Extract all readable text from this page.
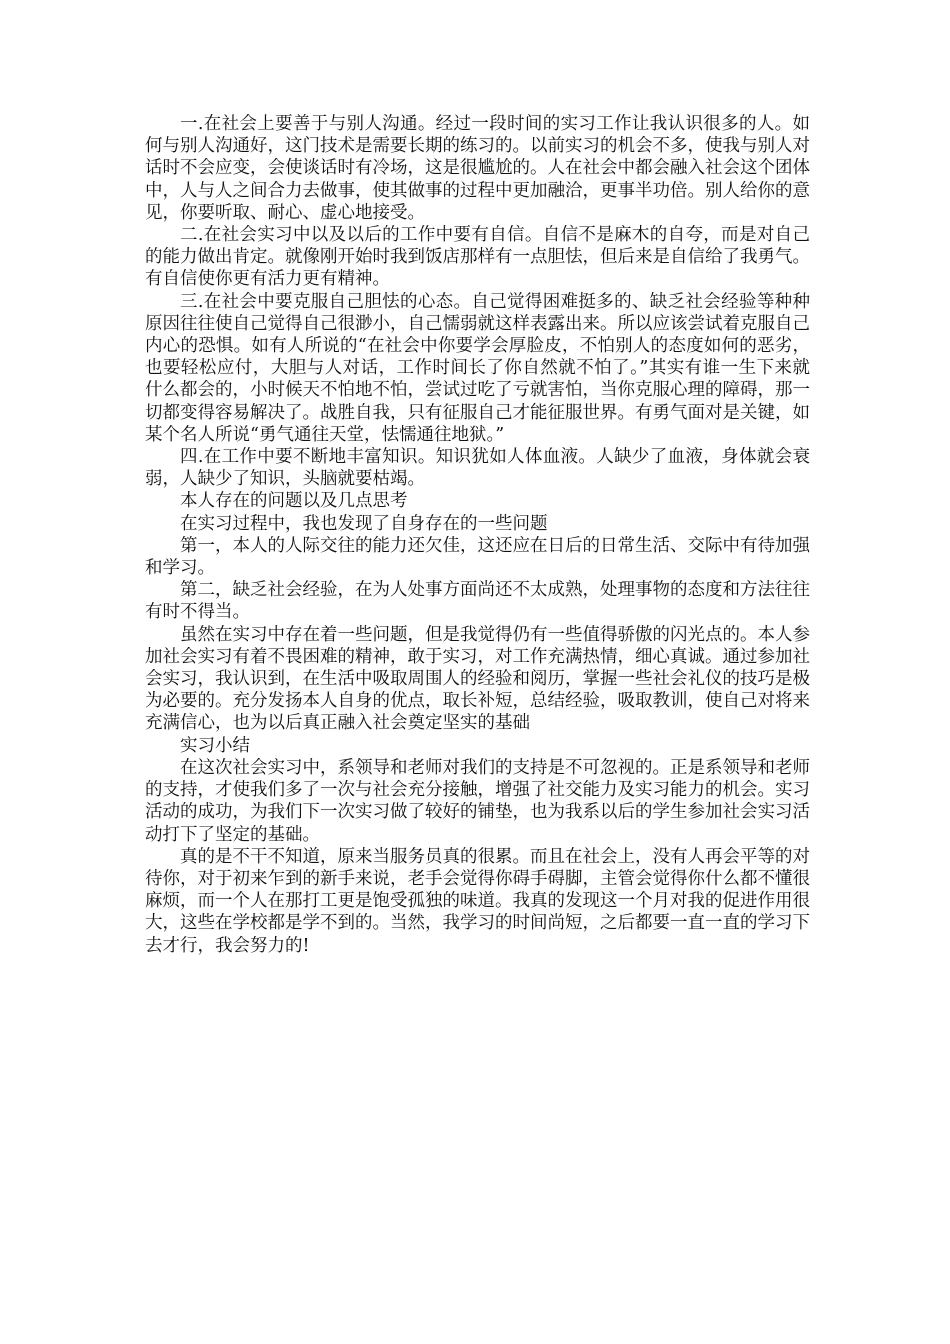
一.在社会上要善于与别人沟通。经过一段时间的实习工作让我认识很多的人。如何与别人沟通好，这门技术是需要长期的练习的。以前实习的机会不多，使我与别人对话时不会应变，会使谈话时有冷场，这是很尴尬的。人在社会中都会融入社会这个团体中，人与人之间合力去做事，使其做事的过程中更加融洽，更事半功倍。别人给你的意见，你要听取、耐心、虚心地接受。

二.在社会实习中以及以后的工作中要有自信。自信不是麻木的自夸，而是对自己的能力做出肯定。就像刚开始时我到饭店那样有一点胆怯，但后来是自信给了我勇气。有自信使你更有活力更有精神。

三.在社会中要克服自己胆怯的心态。自己觉得困难挺多的、缺乏社会经验等种种原因往往使自己觉得自己很渺小，自己懦弱就这样表露出来。所以应该尝试着克服自己内心的恐惧。如有人所说的“在社会中你要学会厚脸皮，不怕别人的态度如何的恶劣，也要轻松应付，大胆与人对话，工作时间长了你自然就不怕了。”其实有谁一生下来就什么都会的，小时候天不怕地不怕，尝试过吃了亏就害怕，当你克服心理的障碍，那一切都变得容易解决了。战胜自我，只有征服自己才能征服世界。有勇气面对是关键，如某个名人所说“勇气通往天堂，怯懦通往地狱。”

四.在工作中要不断地丰富知识。知识犹如人体血液。人缺少了血液，身体就会衰弱，人缺少了知识，头脑就要枯竭。

本人存在的问题以及几点思考

在实习过程中，我也发现了自身存在的一些问题

第一，本人的人际交往的能力还欠佳，这还应在日后的日常生活、交际中有待加强和学习。

第二，缺乏社会经验，在为人处事方面尚还不太成熟，处理事物的态度和方法往往有时不得当。

虽然在实习中存在着一些问题，但是我觉得仍有一些值得骄傲的闪光点的。本人参加社会实习有着不畏困难的精神，敢于实习，对工作充满热情，细心真诚。通过参加社会实习，我认识到，在生活中吸取周围人的经验和阅历，掌握一些社会礼仪的技巧是极为必要的。充分发扬本人自身的优点，取长补短，总结经验，吸取教训，使自己对将来充满信心，也为以后真正融入社会奠定坚实的基础

实习小结

在这次社会实习中，系领导和老师对我们的支持是不可忽视的。正是系领导和老师的支持，才使我们多了一次与社会充分接触，增强了社交能力及实习能力的机会。实习活动的成功，为我们下一次实习做了较好的铺垫，也为我系以后的学生参加社会实习活动打下了坚定的基础。

真的是不干不知道，原来当服务员真的很累。而且在社会上，没有人再会平等的对待你，对于初来乍到的新手来说，老手会觉得你碍手碍脚，主管会觉得你什么都不懂很麻烦，而一个人在那打工更是饱受孤独的味道。我真的发现这一个月对我的促进作用很大，这些在学校都是学不到的。当然，我学习的时间尚短，之后都要一直一直的学习下去才行，我会努力的!
